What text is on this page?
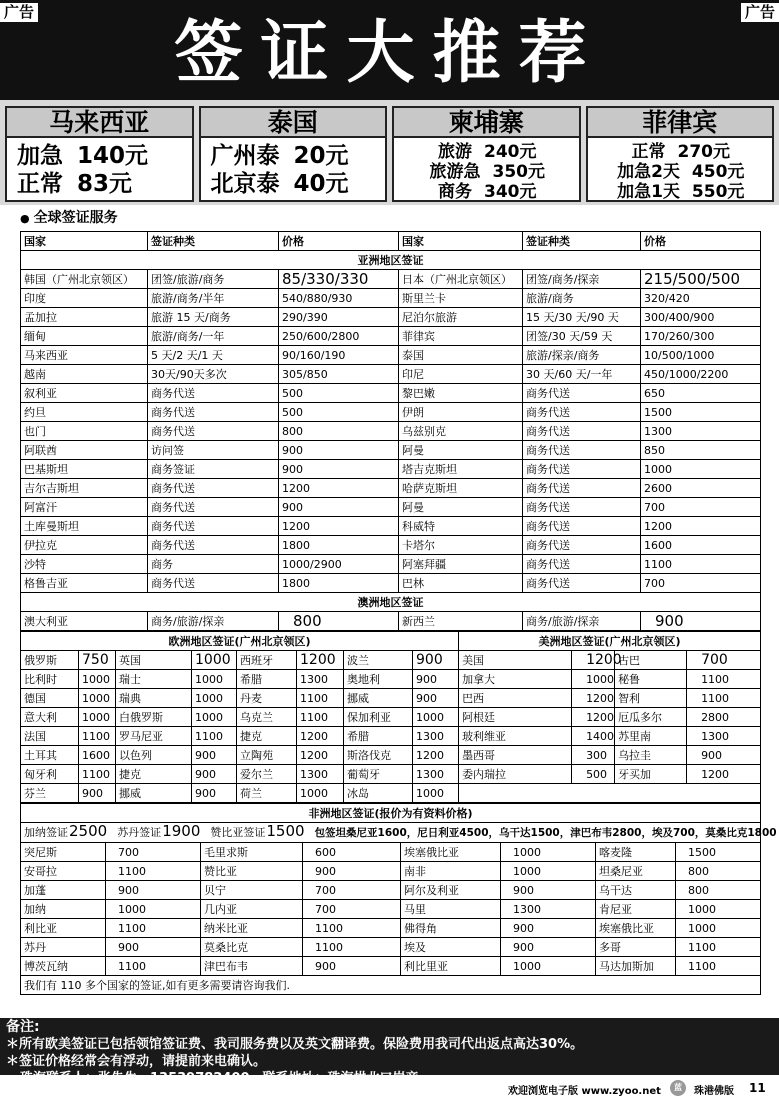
广告	广告
签证大推荐
马来西亚
加急 140元
正常 83元
泰国
广州泰 20元
北京泰 40元
柬埔寨
旅游 240元
旅游急 350元
商务 340元
菲律宾
正常 270元
加急2天 450元
加急1天 550元
● 全球签证服务
国家	签证种类	价格	国家	签证种类	价格
亚洲地区签证					
韩国（广州北京领区）	团签/旅游/商务	85/330/330	日本（广州北京领区）	团签/商务/探亲	215/500/500
印度	旅游/商务/半年	540/880/930	斯里兰卡	旅游/商务	320/420
孟加拉	旅游 15 天/商务	290/390	尼泊尔旅游	15 天/30 天/90 天	300/400/900
缅甸	旅游/商务/一年	250/600/2800	菲律宾	团签/30 天/59 天	170/260/300
马来西亚	5 天/2 天/1 天	90/160/190	泰国	旅游/探亲/商务	10/500/1000
越南	30天/90天多次	305/850	印尼	30 天/60 天/一年	450/1000/2200
叙利亚	商务代送	500	黎巴嫩	商务代送	650
约旦	商务代送	500	伊朗	商务代送	1500
也门	商务代送	800	乌兹别克	商务代送	1300
阿联酋	访问签	900	阿曼	商务代送	850
巴基斯坦	商务签证	900	塔吉克斯坦	商务代送	1000
吉尔吉斯坦	商务代送	1200	哈萨克斯坦	商务代送	2600
阿富汗	商务代送	900	阿曼	商务代送	700
土库曼斯坦	商务代送	1200	科威特	商务代送	1200
伊拉克	商务代送	1800	卡塔尔	商务代送	1600
沙特	商务	1000/2900	阿塞拜疆	商务代送	1100
格鲁吉亚	商务代送	1800	巴林	商务代送	700
澳洲地区签证					
澳大利亚	商务/旅游/探亲	800	新西兰	商务/旅游/探亲	900
欧洲地区签证(广州北京领区)								美洲地区签证(广州北京领区)			
俄罗斯	750	英国	1000	西班牙	1200	波兰	900	美国	1200	古巴	700
比利时	1000	瑞士	1000	希腊	1300	奥地利	900	加拿大	1000	秘鲁	1100
德国	1000	瑞典	1000	丹麦	1100	挪威	900	巴西	1200	智利	1100
意大利	1000	白俄罗斯	1000	乌克兰	1100	保加利亚	1000	阿根廷	1200	厄瓜多尔	2800
法国	1100	罗马尼亚	1100	捷克	1200	希腊	1300	玻利维亚	1400	苏里南	1300
土耳其	1600	以色列	900	立陶苑	1200	斯洛伐克	1200	墨西哥	300	乌拉圭	900
匈牙利	1100	捷克	900	爱尔兰	1300	葡萄牙	1300	委内瑞拉	500	牙买加	1200
芬兰	900	挪威	900	荷兰	1000	冰岛	1000				
非洲地区签证(报价为有资料价格)							
加纳签证2500 苏丹签证1900 赞比亚签证1500 包签坦桑尼亚1600，尼日利亚4500，乌干达1500，津巴布韦2800，埃及700，莫桑比克1800							
突尼斯	700	毛里求斯	600	埃塞俄比亚	1000	喀麦隆	1500
安哥拉	1100	赞比亚	900	南非	1000	坦桑尼亚	800
加蓬	900	贝宁	700	阿尔及利亚	900	乌干达	800
加纳	1000	几内亚	700	马里	1300	肯尼亚	1000
利比亚	1100	纳米比亚	1100	佛得角	900	埃塞俄比亚	1000
苏丹	900	莫桑比克	1100	埃及	900	多哥	1100
博茨瓦纳	1100	津巴布韦	900	利比里亚	1000	马达加斯加	1100
我们有 110 多个国家的签证,如有更多需要请咨询我们.							
备注:
＊所有欧美签证已包括领馆签证费、我司服务费以及英文翻译费。保险费用我司代出返点高达30%。
＊签证价格经常会有浮动，请提前来电确认。
珠海联系人：张先生，13539782400，联系地址：珠海拱北口岸旁
欢迎浏览电子版 www.zyoo.net	蓝	珠港佛版 11
